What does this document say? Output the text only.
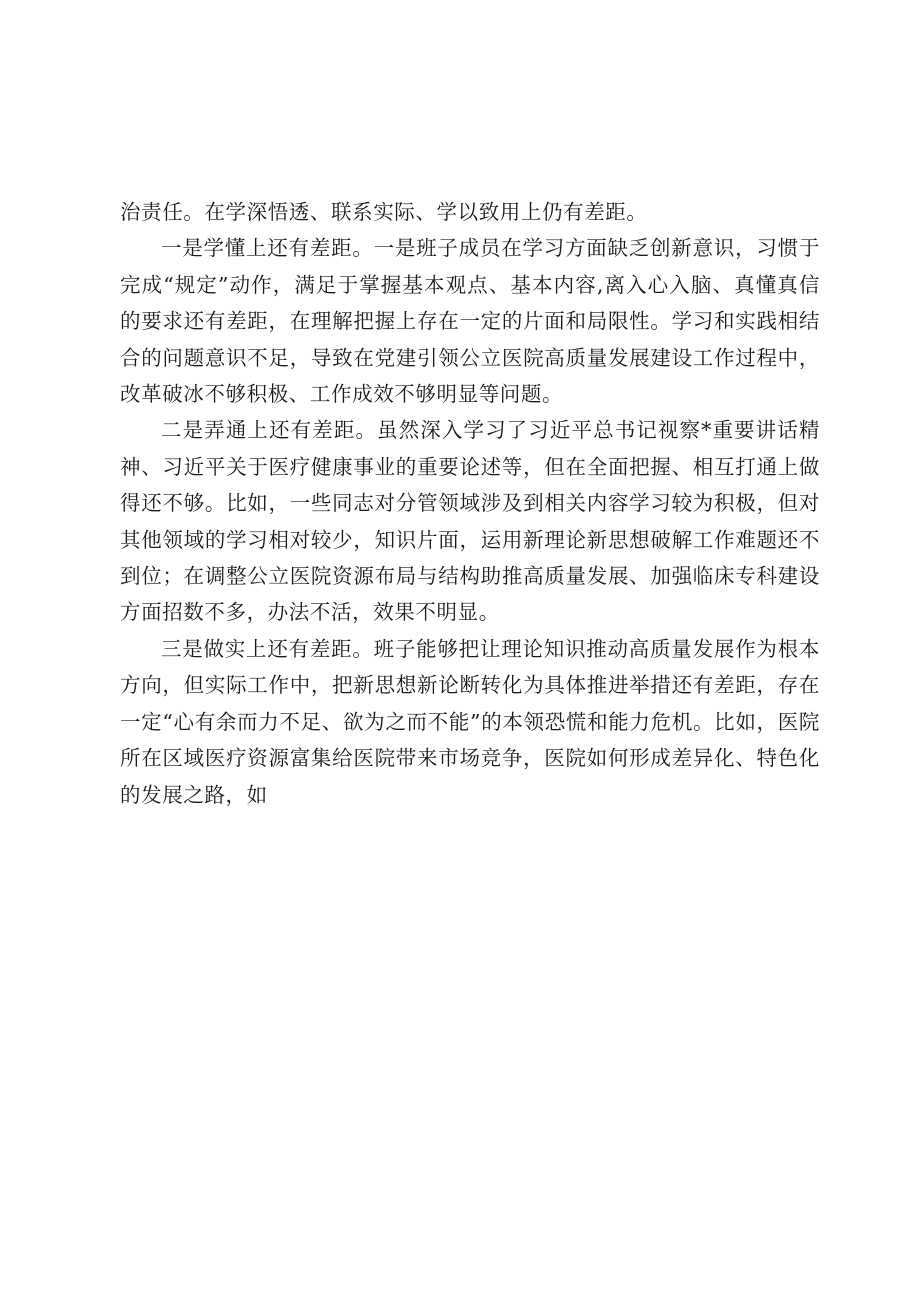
治责任。在学深悟透、联系实际、学以致用上仍有差距。

一是学懂上还有差距。一是班子成员在学习方面缺乏创新意识，习惯于完成“规定”动作，满足于掌握基本观点、基本内容,离入心入脑、真懂真信的要求还有差距，在理解把握上存在一定的片面和局限性。学习和实践相结合的问题意识不足，导致在党建引领公立医院高质量发展建设工作过程中，改革破冰不够积极、工作成效不够明显等问题。

二是弄通上还有差距。虽然深入学习了习近平总书记视察*重要讲话精神、习近平关于医疗健康事业的重要论述等，但在全面把握、相互打通上做得还不够。比如，一些同志对分管领域涉及到相关内容学习较为积极，但对其他领域的学习相对较少，知识片面，运用新理论新思想破解工作难题还不到位；在调整公立医院资源布局与结构助推高质量发展、加强临床专科建设方面招数不多，办法不活，效果不明显。

三是做实上还有差距。班子能够把让理论知识推动高质量发展作为根本方向，但实际工作中，把新思想新论断转化为具体推进举措还有差距，存在一定“心有余而力不足、欲为之而不能”的本领恐慌和能力危机。比如，医院所在区域医疗资源富集给医院带来市场竞争，医院如何形成差异化、特色化的发展之路，如
